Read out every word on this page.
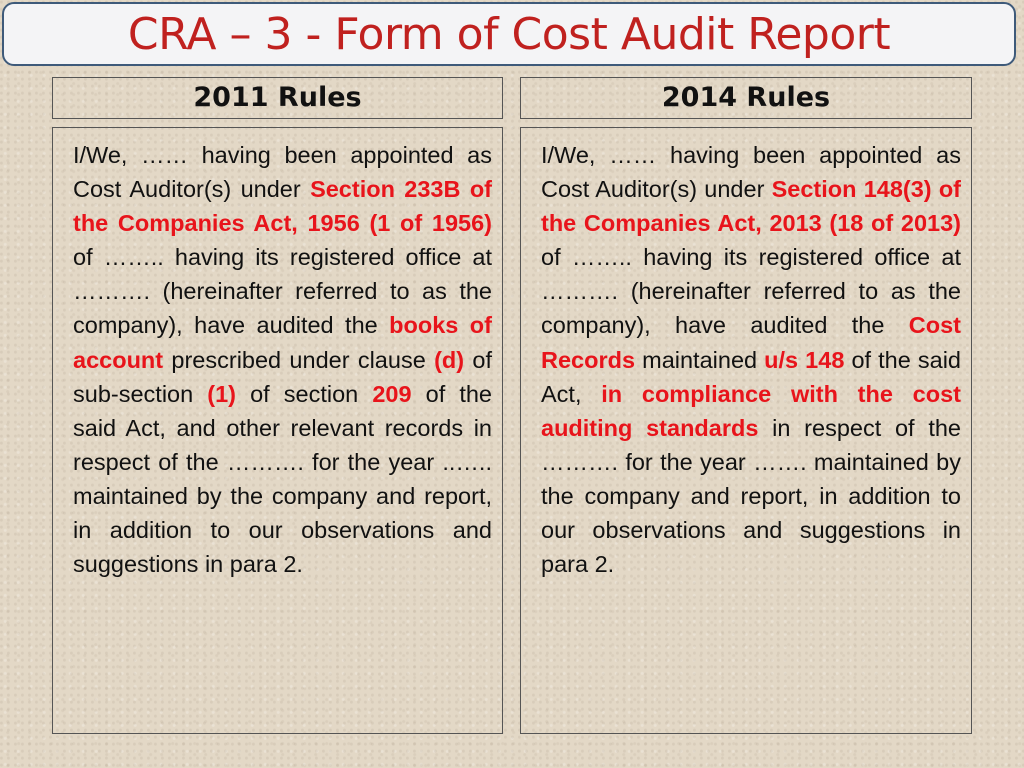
CRA – 3 - Form of Cost Audit Report
2011 Rules	2014 Rules

I/We, …… having been appointed as Cost Auditor(s) under Section 233B of the Companies Act, 1956 (1 of 1956) of …….. having its registered office at ………. (hereinafter referred to as the company), have audited the books of account prescribed under clause (d) of sub-section (1) of section 209 of the said Act, and other relevant records in respect of the ………. for the year ..….. maintained by the company and report, in addition to our observations and suggestions in para 2.

I/We, …… having been appointed as Cost Auditor(s) under Section 148(3) of the Companies Act, 2013 (18 of 2013) of …….. having its registered office at ………. (hereinafter referred to as the company), have audited the Cost Records maintained u/s 148 of the said Act, in compliance with the cost auditing standards in respect of the ………. for the year ……. maintained by the company and report, in addition to our observations and suggestions in para 2.
